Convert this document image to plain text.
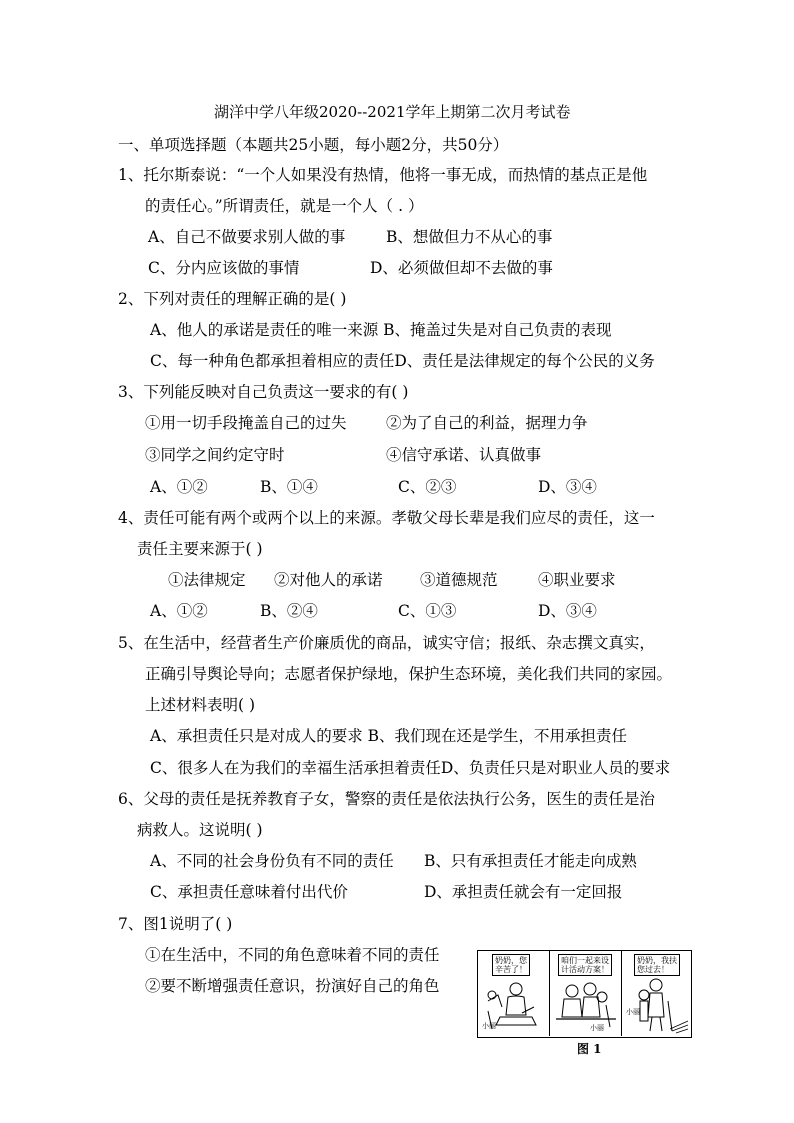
湖洋中学八年级2020--2021学年上期第二次月考试卷
一、单项选择题（本题共25小题，每小题2分，共50分）
1、托尔斯泰说：“一个人如果没有热情，他将一事无成，而热情的基点正是他
的责任心。”所谓责任，就是一个人（ . ）
A、自己不做要求别人做的事	B、想做但力不从心的事
C、分内应该做的事情	D、必须做但却不去做的事
2、下列对责任的理解正确的是( )
A、他人的承诺是责任的唯一来源 B、掩盖过失是对自己负责的表现
C、每一种角色都承担着相应的责任D、责任是法律规定的每个公民的义务
3、下列能反映对自己负责这一要求的有( )
①用一切手段掩盖自己的过失	②为了自己的利益，据理力争
③同学之间约定守时	④信守承诺、认真做事
A、①②	B、①④	C、②③	D、③④
4、责任可能有两个或两个以上的来源。孝敬父母长辈是我们应尽的责任，这一
责任主要来源于( )
①法律规定 ②对他人的承诺 ③道德规范	④职业要求
A、①②	B、②④	C、①③	D、③④
5、在生活中，经营者生产价廉质优的商品，诚实守信；报纸、杂志撰文真实，
正确引导舆论导向；志愿者保护绿地，保护生态环境，美化我们共同的家园。
上述材料表明( )
A、承担责任只是对成人的要求 B、我们现在还是学生，不用承担责任
C、很多人在为我们的幸福生活承担着责任D、负责任只是对职业人员的要求
6、父母的责任是抚养教育子女，警察的责任是依法执行公务，医生的责任是治
病救人。这说明( )
A、不同的社会身份负有不同的责任 B、只有承担责任才能走向成熟
C、承担责任意味着付出代价	D、承担责任就会有一定回报
7、图1说明了( )
①在生活中，不同的角色意味着不同的责任
②要不断增强责任意识，扮演好自己的角色
奶奶，您
辛苦了！
小丽
咱们一起来设
计活动方案！
小丽
奶奶，我扶
您过去！
小丽
图 1
